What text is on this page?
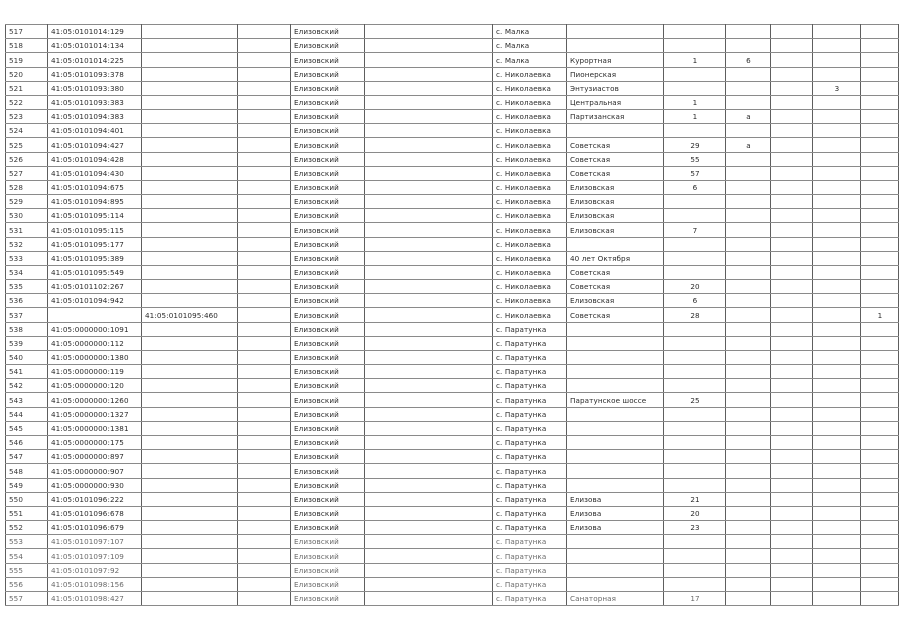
517	41:05:0101014:129			Елизовский		с. Малка						
518	41:05:0101014:134			Елизовский		с. Малка						
519	41:05:0101014:225			Елизовский		с. Малка	Курортная	1	6			
520	41:05:0101093:378			Елизовский		с. Николаевка	Пионерская					
521	41:05:0101093:380			Елизовский		с. Николаевка	Энтузиастов				3	
522	41:05:0101093:383			Елизовский		с. Николаевка	Центральная	1				
523	41:05:0101094:383			Елизовский		с. Николаевка	Партизанская	1	а			
524	41:05:0101094:401			Елизовский		с. Николаевка						
525	41:05:0101094:427			Елизовский		с. Николаевка	Советская	29	а			
526	41:05:0101094:428			Елизовский		с. Николаевка	Советская	55				
527	41:05:0101094:430			Елизовский		с. Николаевка	Советская	57				
528	41:05:0101094:675			Елизовский		с. Николаевка	Елизовская	6				
529	41:05:0101094:895			Елизовский		с. Николаевка	Елизовская					
530	41:05:0101095:114			Елизовский		с. Николаевка	Елизовская					
531	41:05:0101095:115			Елизовский		с. Николаевка	Елизовская	7				
532	41:05:0101095:177			Елизовский		с. Николаевка						
533	41:05:0101095:389			Елизовский		с. Николаевка	40 лет Октября					
534	41:05:0101095:549			Елизовский		с. Николаевка	Советская					
535	41:05:0101102:267			Елизовский		с. Николаевка	Советская	20				
536	41:05:0101094:942			Елизовский		с. Николаевка	Елизовская	6				
537		41:05:0101095:460		Елизовский		с. Николаевка	Советская	28				1
538	41:05:0000000:1091			Елизовский		с. Паратунка						
539	41:05:0000000:112			Елизовский		с. Паратунка						
540	41:05:0000000:1380			Елизовский		с. Паратунка						
541	41:05:0000000:119			Елизовский		с. Паратунка						
542	41:05:0000000:120			Елизовский		с. Паратунка						
543	41:05:0000000:1260			Елизовский		с. Паратунка	Паратунское шоссе	25				
544	41:05:0000000:1327			Елизовский		с. Паратунка						
545	41:05:0000000:1381			Елизовский		с. Паратунка						
546	41:05:0000000:175			Елизовский		с. Паратунка						
547	41:05:0000000:897			Елизовский		с. Паратунка						
548	41:05:0000000:907			Елизовский		с. Паратунка						
549	41:05:0000000:930			Елизовский		с. Паратунка						
550	41:05:0101096:222			Елизовский		с. Паратунка	Елизова	21				
551	41:05:0101096:678			Елизовский		с. Паратунка	Елизова	20				
552	41:05:0101096:679			Елизовский		с. Паратунка	Елизова	23				
553	41:05:0101097:107			Елизовский		с. Паратунка						
554	41:05:0101097:109			Елизовский		с. Паратунка						
555	41:05:0101097:92			Елизовский		с. Паратунка						
556	41:05:0101098:156			Елизовский		с. Паратунка						
557	41:05:0101098:427			Елизовский		с. Паратунка	Санаторная	17				
